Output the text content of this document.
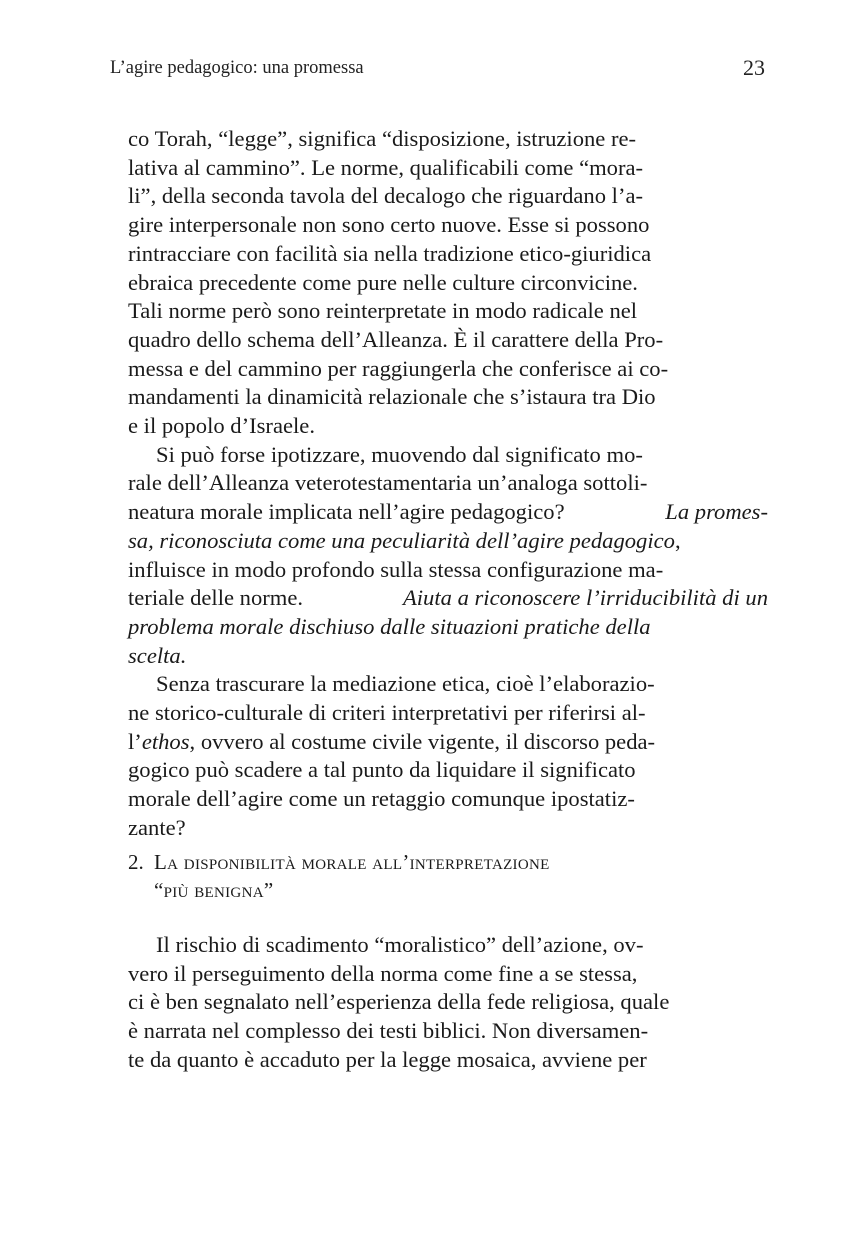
L’agire pedagogico: una promessa	23
co Torah, “legge”, significa “disposizione, istruzione re-
lativa al cammino”. Le norme, qualificabili come “mora-
li”, della seconda tavola del decalogo che riguardano l’a-
gire interpersonale non sono certo nuove. Esse si possono
rintracciare con facilità sia nella tradizione etico-giuridica
ebraica precedente come pure nelle culture circonvicine.
Tali norme però sono reinterpretate in modo radicale nel
quadro dello schema dell’Alleanza. È il carattere della Pro-
messa e del cammino per raggiungerla che conferisce ai co-
mandamenti la dinamicità relazionale che s’istaura tra Dio
e il popolo d’Israele.
Si può forse ipotizzare, muovendo dal significato mo-
rale dell’Alleanza veterotestamentaria un’analoga sottoli-
neatura morale implicata nell’agire pedagogico?	La promes-
sa, riconosciuta come una peculiarità dell’agire pedagogico,
influisce in modo profondo sulla stessa configurazione ma-
teriale delle norme.	Aiuta a riconoscere l’irriducibilità di un
problema morale dischiuso dalle situazioni pratiche della
scelta.
Senza trascurare la mediazione etica, cioè l’elaborazio-
ne storico-culturale di criteri interpretativi per riferirsi al-
l’ethos, ovvero al costume civile vigente, il discorso peda-
gogico può scadere a tal punto da liquidare il significato
morale dell’agire come un retaggio comunque ipostatiz-
zante?
2. La disponibilità morale all’interpretazione
“più benigna”
Il rischio di scadimento “moralistico” dell’azione, ov-
vero il perseguimento della norma come fine a se stessa,
ci è ben segnalato nell’esperienza della fede religiosa, quale
è narrata nel complesso dei testi biblici. Non diversamen-
te da quanto è accaduto per la legge mosaica, avviene per
